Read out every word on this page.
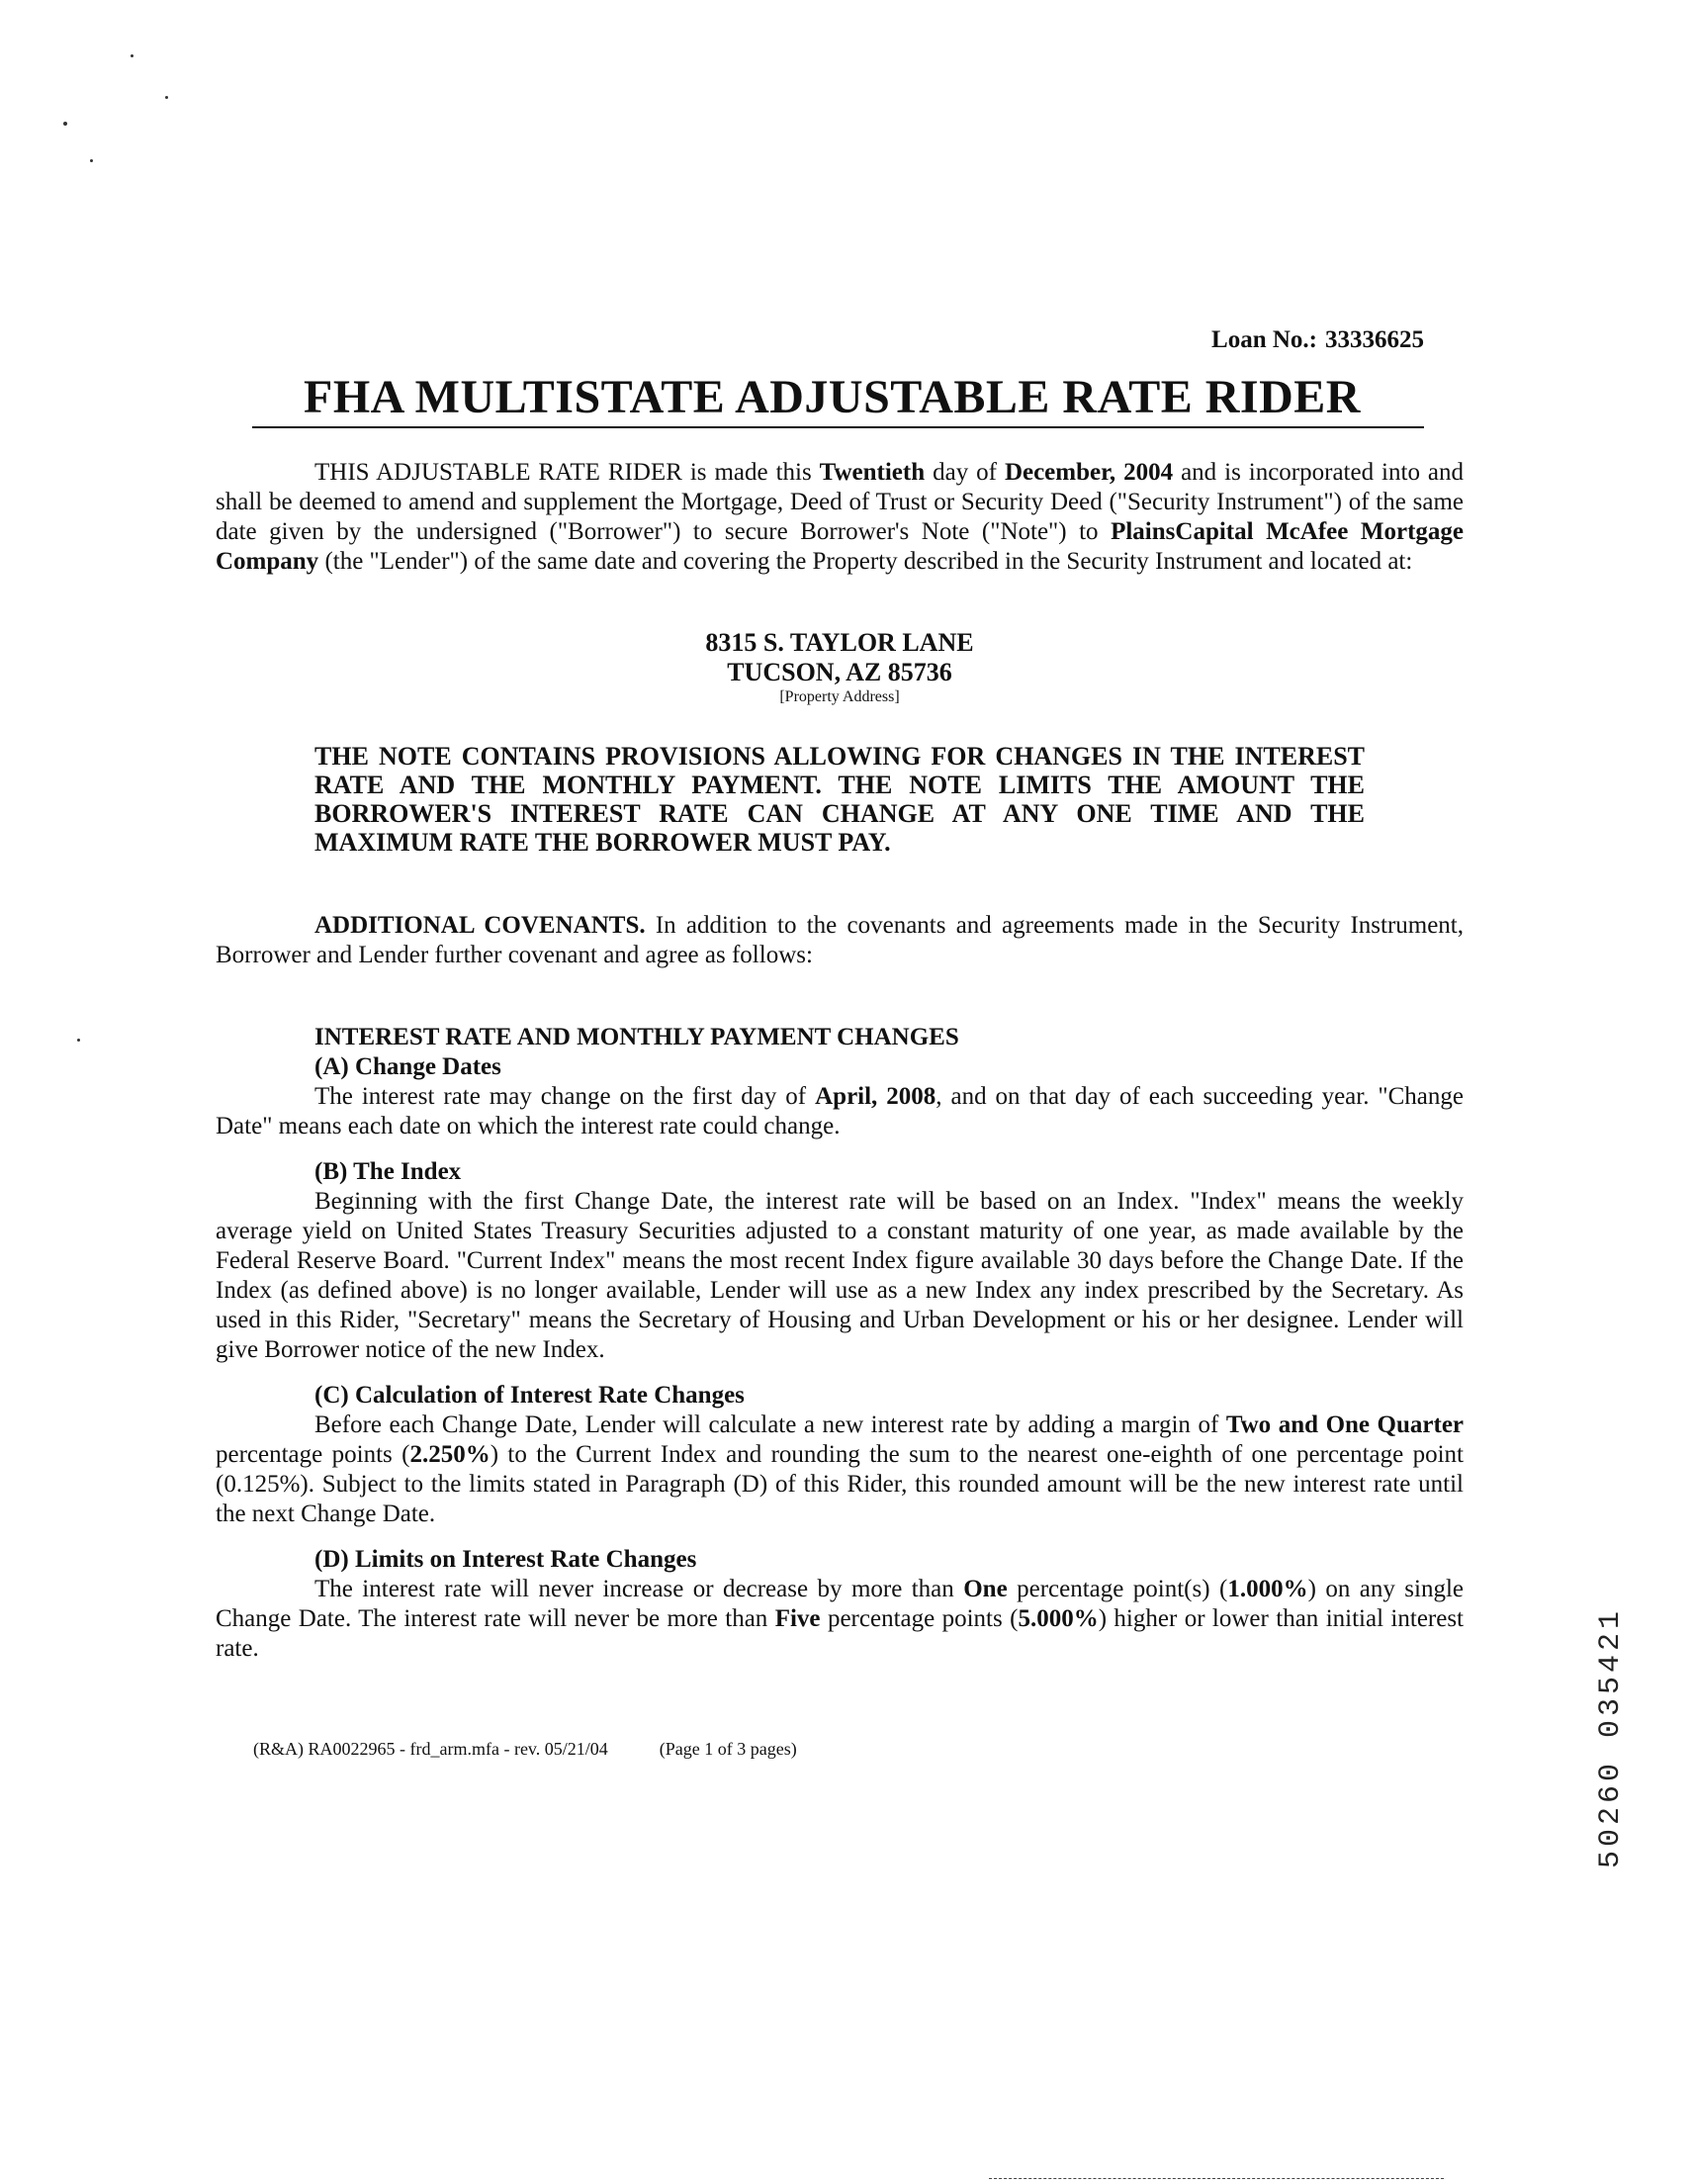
Loan No.: 33336625
FHA MULTISTATE ADJUSTABLE RATE RIDER
THIS ADJUSTABLE RATE RIDER is made this Twentieth day of December, 2004 and is incorporated into and shall be deemed to amend and supplement the Mortgage, Deed of Trust or Security Deed ("Security Instrument") of the same date given by the undersigned ("Borrower") to secure Borrower's Note ("Note") to PlainsCapital McAfee Mortgage Company (the "Lender") of the same date and covering the Property described in the Security Instrument and located at:
8315 S. TAYLOR LANE
TUCSON, AZ 85736
[Property Address]
THE NOTE CONTAINS PROVISIONS ALLOWING FOR CHANGES IN THE INTEREST RATE AND THE MONTHLY PAYMENT. THE NOTE LIMITS THE AMOUNT THE BORROWER'S INTEREST RATE CAN CHANGE AT ANY ONE TIME AND THE MAXIMUM RATE THE BORROWER MUST PAY.
ADDITIONAL COVENANTS. In addition to the covenants and agreements made in the Security Instrument, Borrower and Lender further covenant and agree as follows:
INTEREST RATE AND MONTHLY PAYMENT CHANGES
(A) Change Dates
The interest rate may change on the first day of April, 2008, and on that day of each succeeding year. "Change Date" means each date on which the interest rate could change.
(B) The Index
Beginning with the first Change Date, the interest rate will be based on an Index. "Index" means the weekly average yield on United States Treasury Securities adjusted to a constant maturity of one year, as made available by the Federal Reserve Board. "Current Index" means the most recent Index figure available 30 days before the Change Date. If the Index (as defined above) is no longer available, Lender will use as a new Index any index prescribed by the Secretary. As used in this Rider, "Secretary" means the Secretary of Housing and Urban Development or his or her designee. Lender will give Borrower notice of the new Index.
(C) Calculation of Interest Rate Changes
Before each Change Date, Lender will calculate a new interest rate by adding a margin of Two and One Quarter percentage points (2.250%) to the Current Index and rounding the sum to the nearest one-eighth of one percentage point (0.125%). Subject to the limits stated in Paragraph (D) of this Rider, this rounded amount will be the new interest rate until the next Change Date.
(D) Limits on Interest Rate Changes
The interest rate will never increase or decrease by more than One percentage point(s) (1.000%) on any single Change Date. The interest rate will never be more than Five percentage points (5.000%) higher or lower than initial interest rate.
(R&A) RA0022965 - frd_arm.mfa - rev. 05/21/04	(Page 1 of 3 pages)	50260 035421
